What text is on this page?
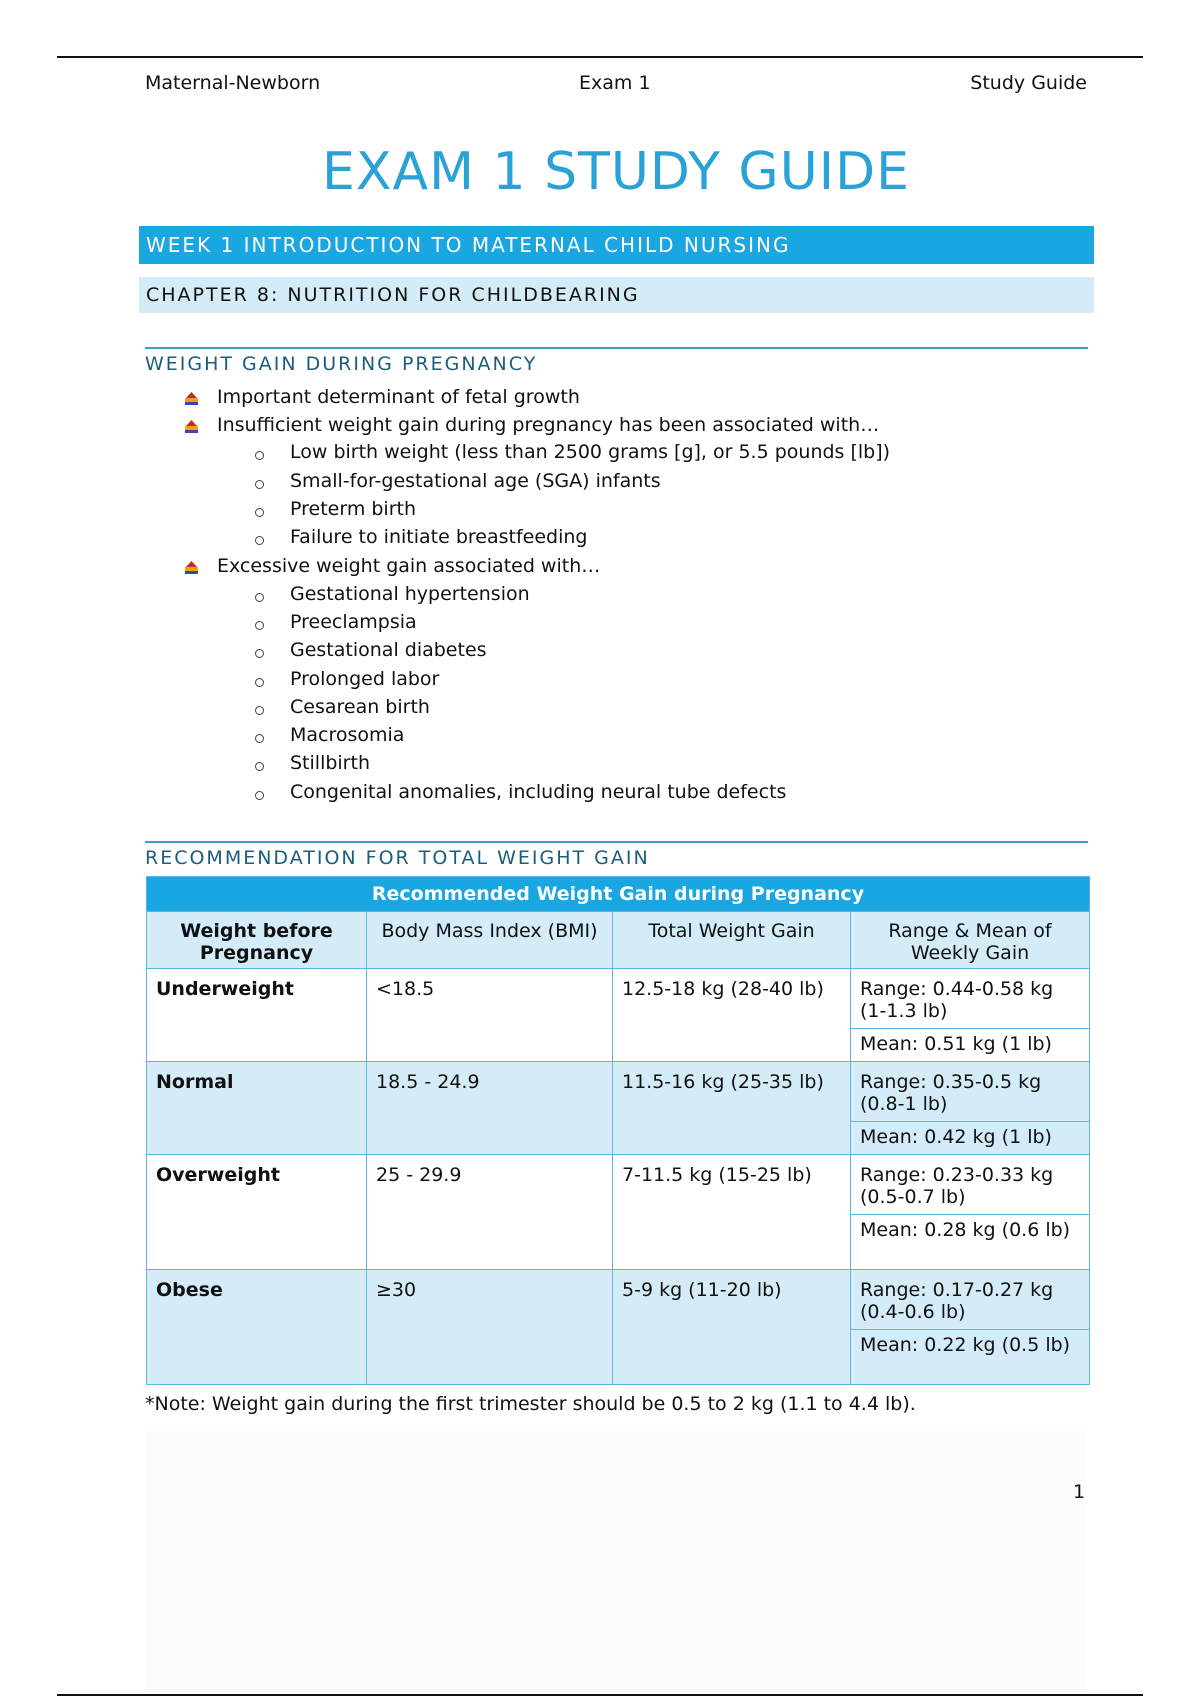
Maternal-Newborn	Exam 1	Study Guide
EXAM 1 STUDY GUIDE
WEEK 1 INTRODUCTION TO MATERNAL CHILD NURSING
CHAPTER 8: NUTRITION FOR CHILDBEARING
WEIGHT GAIN DURING PREGNANCY
Important determinant of fetal growth
Insufficient weight gain during pregnancy has been associated with…
Low birth weight (less than 2500 grams [g], or 5.5 pounds [lb])
Small-for-gestational age (SGA) infants
Preterm birth
Failure to initiate breastfeeding
Excessive weight gain associated with…
Gestational hypertension
Preeclampsia
Gestational diabetes
Prolonged labor
Cesarean birth
Macrosomia
Stillbirth
Congenital anomalies, including neural tube defects
RECOMMENDATION FOR TOTAL WEIGHT GAIN
Recommended Weight Gain during Pregnancy			
Weight before Pregnancy	Body Mass Index (BMI)	Total Weight Gain	Range & Mean of Weekly Gain
Underweight	<18.5	12.5-18 kg (28-40 lb)	Range: 0.44-0.58 kg (1-1.3 lb)
Mean: 0.51 kg (1 lb)

Normal	18.5 - 24.9	11.5-16 kg (25-35 lb)	Range: 0.35-0.5 kg (0.8-1 lb)
Mean: 0.42 kg (1 lb)

Overweight	25 - 29.9	7-11.5 kg (15-25 lb)	Range: 0.23-0.33 kg (0.5-0.7 lb)
Mean: 0.28 kg (0.6 lb)

Obese	≥30	5-9 kg (11-20 lb)	Range: 0.17-0.27 kg (0.4-0.6 lb)
Mean: 0.22 kg (0.5 lb)
*Note: Weight gain during the first trimester should be 0.5 to 2 kg (1.1 to 4.4 lb).
1
